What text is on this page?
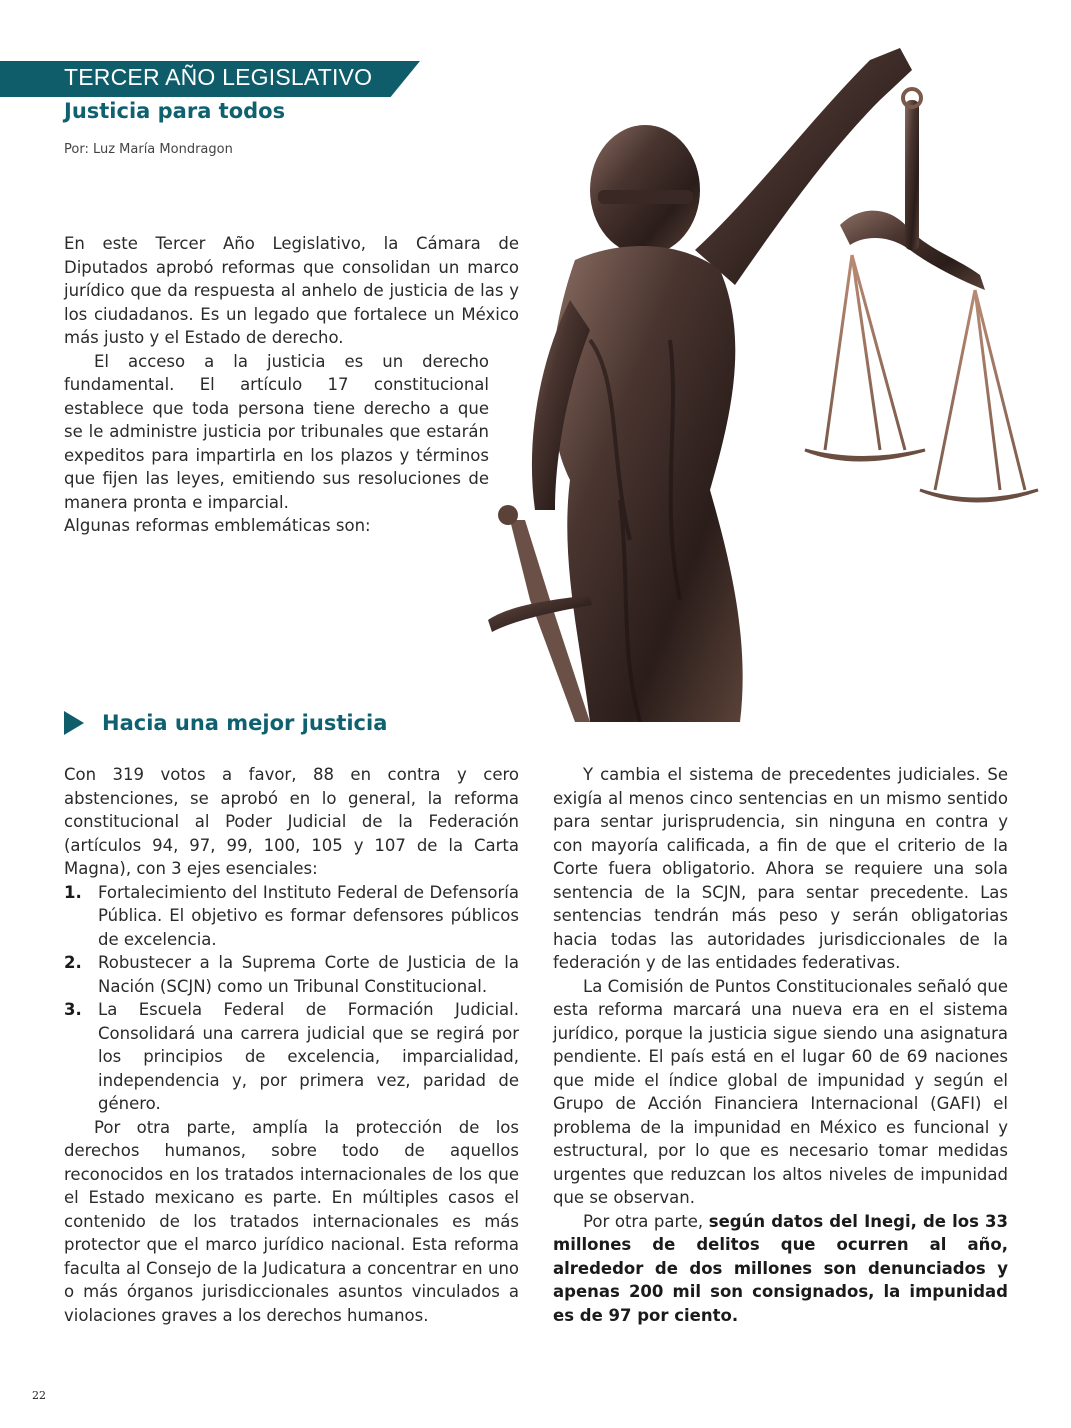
TERCER AÑO LEGISLATIVO
Justicia para todos
Por: Luz María Mondragon

En este Tercer Año Legislativo, la Cámara de Diputados aprobó reformas que consolidan un marco jurídico que da respuesta al anhelo de justicia de las y los ciudadanos. Es un legado que fortalece un México más justo y el Estado de derecho.

El acceso a la justicia es un derecho fundamental. El artículo 17 constitucional establece que toda persona tiene derecho a que se le administre justicia por tribunales que estarán expeditos para impartirla en los plazos y términos que fijen las leyes, emitiendo sus resoluciones de manera pronta e imparcial.

Algunas reformas emblemáticas son:

Hacia una mejor justicia

Con 319 votos a favor, 88 en contra y cero abstenciones, se aprobó en lo general, la reforma constitucional al Poder Judicial de la Federación (artículos 94, 97, 99, 100, 105 y 107 de la Carta Magna), con 3 ejes esenciales:

1. Fortalecimiento del Instituto Federal de Defensoría Pública. El objetivo es formar defensores públicos de excelencia.
2. Robustecer a la Suprema Corte de Justicia de la Nación (SCJN) como un Tribunal Constitucional.
3. La Escuela Federal de Formación Judicial. Consolidará una carrera judicial que se regirá por los principios de excelencia, imparcialidad, independencia y, por primera vez, paridad de género.

Por otra parte, amplía la protección de los derechos humanos, sobre todo de aquellos reconocidos en los tratados internacionales de los que el Estado mexicano es parte. En múltiples casos el contenido de los tratados internacionales es más protector que el marco jurídico nacional. Esta reforma faculta al Consejo de la Judicatura a concentrar en uno o más órganos jurisdiccionales asuntos vinculados a violaciones graves a los derechos humanos.

Y cambia el sistema de precedentes judiciales. Se exigía al menos cinco sentencias en un mismo sentido para sentar jurisprudencia, sin ninguna en contra y con mayoría calificada, a fin de que el criterio de la Corte fuera obligatorio. Ahora se requiere una sola sentencia de la SCJN, para sentar precedente. Las sentencias tendrán más peso y serán obligatorias hacia todas las autoridades jurisdiccionales de la federación y de las entidades federativas.

La Comisión de Puntos Constitucionales señaló que esta reforma marcará una nueva era en el sistema jurídico, porque la justicia sigue siendo una asignatura pendiente. El país está en el lugar 60 de 69 naciones que mide el índice global de impunidad y según el Grupo de Acción Financiera Internacional (GAFI) el problema de la impunidad en México es funcional y estructural, por lo que es necesario tomar medidas urgentes que reduzcan los altos niveles de impunidad que se observan.

Por otra parte, según datos del Inegi, de los 33 millones de delitos que ocurren al año, alrededor de dos millones son denunciados y apenas 200 mil son consignados, la impunidad es de 97 por ciento.

22
